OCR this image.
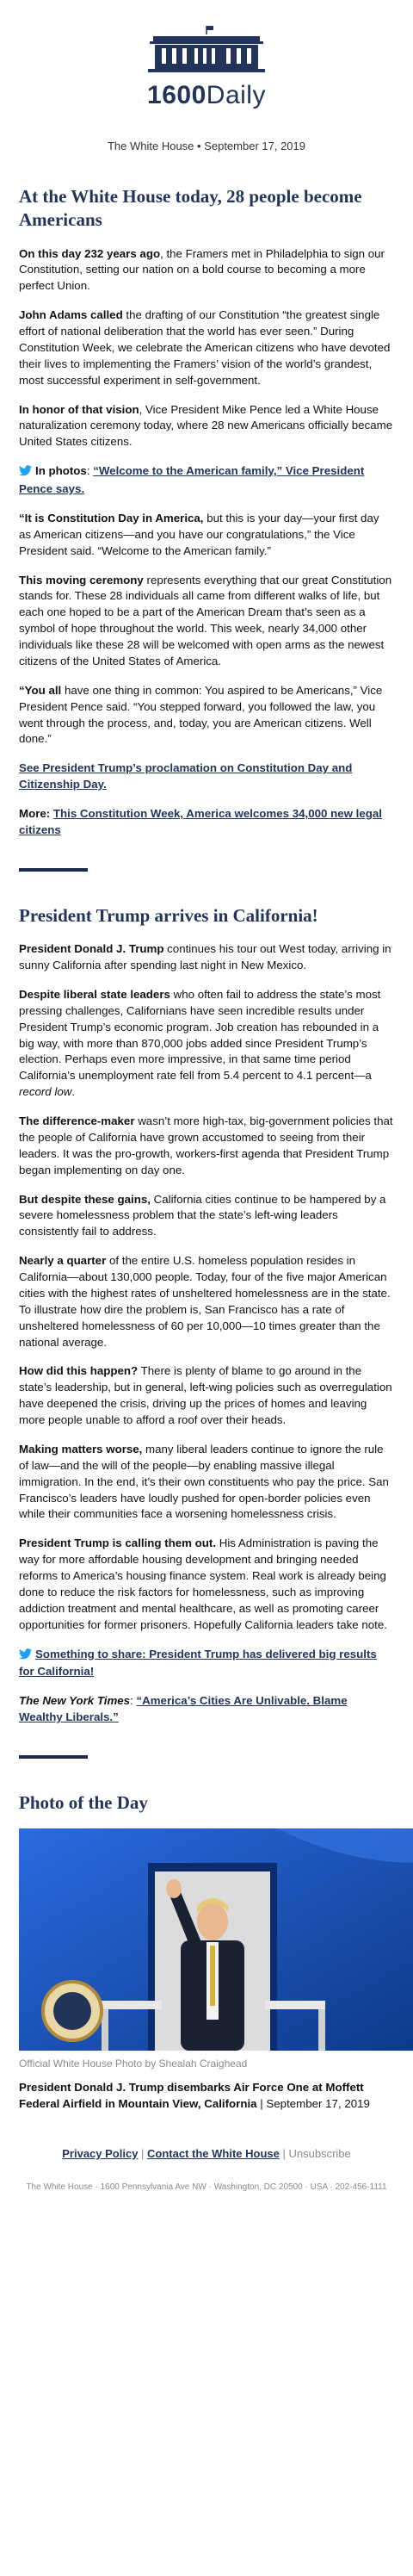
1600Daily
The White House • September 17, 2019
At the White House today, 28 people become Americans

On this day 232 years ago, the Framers met in Philadelphia to sign our Constitution, setting our nation on a bold course to becoming a more perfect Union.

John Adams called the drafting of our Constitution “the greatest single effort of national deliberation that the world has ever seen.” During Constitution Week, we celebrate the American citizens who have devoted their lives to implementing the Framers’ vision of the world’s grandest, most successful experiment in self-government.

In honor of that vision, Vice President Mike Pence led a White House naturalization ceremony today, where 28 new Americans officially became United States citizens.

In photos: “Welcome to the American family,” Vice President Pence says.

“It is Constitution Day in America, but this is your day—your first day as American citizens—and you have our congratulations,” the Vice President said. “Welcome to the American family.”

This moving ceremony represents everything that our great Constitution stands for. These 28 individuals all came from different walks of life, but each one hoped to be a part of the American Dream that’s seen as a symbol of hope throughout the world. This week, nearly 34,000 other individuals like these 28 will be welcomed with open arms as the newest citizens of the United States of America.

“You all have one thing in common: You aspired to be Americans,” Vice President Pence said. “You stepped forward, you followed the law, you went through the process, and, today, you are American citizens. Well done.”

See President Trump’s proclamation on Constitution Day and Citizenship Day.

More: This Constitution Week, America welcomes 34,000 new legal citizens

President Trump arrives in California!

President Donald J. Trump continues his tour out West today, arriving in sunny California after spending last night in New Mexico.

Despite liberal state leaders who often fail to address the state’s most pressing challenges, Californians have seen incredible results under President Trump’s economic program. Job creation has rebounded in a big way, with more than 870,000 jobs added since President Trump’s election. Perhaps even more impressive, in that same time period California’s unemployment rate fell from 5.4 percent to 4.1 percent—a record low.

The difference-maker wasn’t more high-tax, big-government policies that the people of California have grown accustomed to seeing from their leaders. It was the pro-growth, workers-first agenda that President Trump began implementing on day one.

But despite these gains, California cities continue to be hampered by a severe homelessness problem that the state’s left-wing leaders consistently fail to address.

Nearly a quarter of the entire U.S. homeless population resides in California—about 130,000 people. Today, four of the five major American cities with the highest rates of unsheltered homelessness are in the state. To illustrate how dire the problem is, San Francisco has a rate of unsheltered homelessness of 60 per 10,000—10 times greater than the national average.

How did this happen? There is plenty of blame to go around in the state’s leadership, but in general, left-wing policies such as overregulation have deepened the crisis, driving up the prices of homes and leaving more people unable to afford a roof over their heads.

Making matters worse, many liberal leaders continue to ignore the rule of law—and the will of the people—by enabling massive illegal immigration. In the end, it’s their own constituents who pay the price. San Francisco’s leaders have loudly pushed for open-border policies even while their communities face a worsening homelessness crisis.

President Trump is calling them out. His Administration is paving the way for more affordable housing development and bringing needed reforms to America’s housing finance system. Real work is already being done to reduce the risk factors for homelessness, such as improving addiction treatment and mental healthcare, as well as promoting career opportunities for former prisoners. Hopefully California leaders take note.

Something to share: President Trump has delivered big results for California!

The New York Times: “America’s Cities Are Unlivable. Blame Wealthy Liberals.”

Photo of the Day
Official White House Photo by Shealah Craighead

President Donald J. Trump disembarks Air Force One at Moffett Federal Airfield in Mountain View, California | September 17, 2019

Privacy Policy | Contact the White House | Unsubscribe
The White House · 1600 Pennsylvania Ave NW · Washington, DC 20500 · USA · 202-456-1111
